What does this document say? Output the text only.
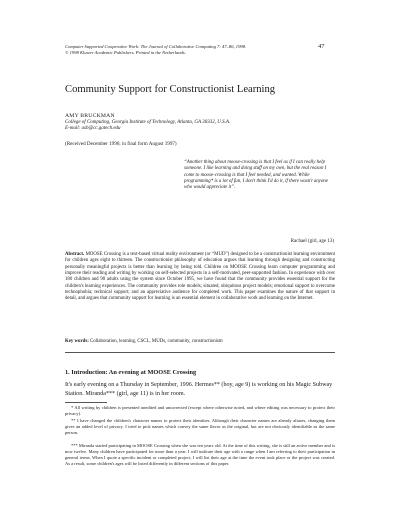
Computer Supported Cooperative Work: The Journal of Collaborative Computing 7: 47–86, 1998.
© 1998 Kluwer Academic Publishers. Printed in the Netherlands.
47
Community Support for Constructionist Learning
AMY BRUCKMAN
College of Computing, Georgia Institute of Technology, Atlanta, GA 30332, U.S.A.
E-mail: asb@cc.gatech.edu
(Received December 1996; in final form August 1997)
“Another thing about moose-crossing is that I feel as if I can really help someone. I like learning and doing stuff on my own, but the real reason I come to moose-crossing is that I feel needed, and wanted. While programming* is a lot of fun, I don't think I'd do it, if there wasn't anyone who would appreciate it”.
Rachael (girl, age 13)
Abstract. MOOSE Crossing is a text-based virtual reality environment (or “MUD”) designed to be a constructionist learning environment for children ages eight to thirteen. The constructionist philosophy of education argues that learning through designing and constructing personally meaningful projects is better than learning by being told. Children on MOOSE Crossing learn computer programming and improve their reading and writing by working on self-selected projects in a self-motivated, peer-supported fashion. In experience with over 180 children and 90 adults using the system since October 1995, we have found that the community provides essential support for the children's learning experiences. The community provides role models; situated, ubiquitous project models; emotional support to overcome technophobia; technical support; and an appreciative audience for completed work. This paper examines the nature of that support in detail, and argues that community support for learning is an essential element in collaborative work and learning on the Internet.
Key words: Collaboration, learning, CSCL, MUDs, community, constructionism
1. Introduction: An evening at MOOSE Crossing
It's early evening on a Thursday in September, 1996. Hermes** (boy, age 9) is working on his Magic Subway Station. Miranda*** (girl, age 11) is in her room.
* All writing by children is presented unedited and uncorrected (except where otherwise noted, and where editing was necessary to protect their privacy).
** I have changed the children's character names to protect their identities. Although their character names are already aliases, changing them gives an added level of privacy. I tried to pick names which convey the same flavor as the original, but are not obviously identifiable as the same person.
*** Miranda started participating in MOOSE Crossing when she was ten years old. At the time of this writing, she is still an active member and is now twelve. Many children have participated for more than a year. I will indicate their age with a range when I am referring to their participation in general terms. When I quote a specific incident or completed project, I will list their age at the time the event took place or the project was created. As a result, some children's ages will be listed differently in different sections of this paper.
